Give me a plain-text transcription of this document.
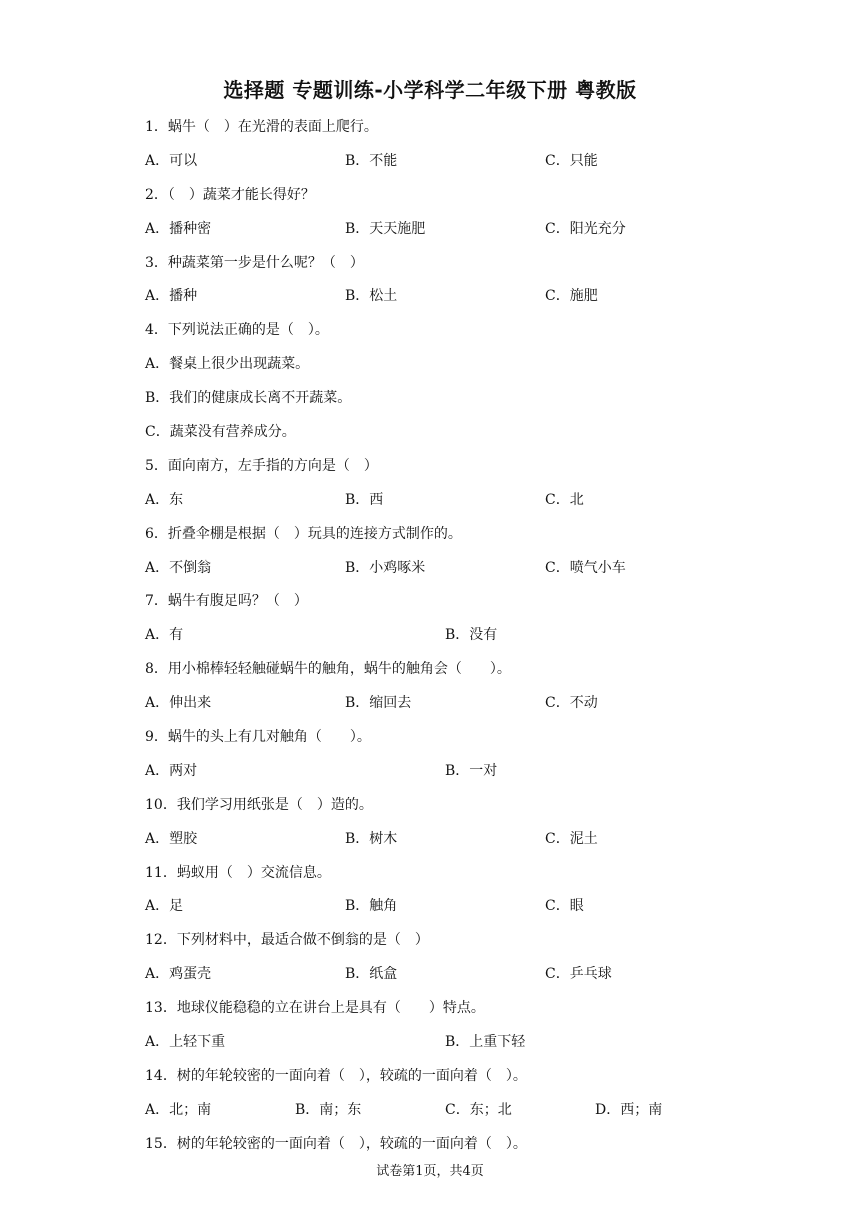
选择题 专题训练-小学科学二年级下册 粤教版
1．蜗牛（　）在光滑的表面上爬行。
A．可以	B．不能	C．只能
2．（　）蔬菜才能长得好？
A．播种密	B．天天施肥	C．阳光充分
3．种蔬菜第一步是什么呢？（　）
A．播种	B．松土	C．施肥
4．下列说法正确的是（　）。
A．餐桌上很少出现蔬菜。
B．我们的健康成长离不开蔬菜。
C．蔬菜没有营养成分。
5．面向南方，左手指的方向是（　）
A．东	B．西	C．北
6．折叠伞棚是根据（　）玩具的连接方式制作的。
A．不倒翁	B．小鸡啄米	C．喷气小车
7．蜗牛有腹足吗？（　）
A．有	B．没有
8．用小棉棒轻轻触碰蜗牛的触角，蜗牛的触角会（　　）。
A．伸出来	B．缩回去	C．不动
9．蜗牛的头上有几对触角（　　）。
A．两对	B．一对
10．我们学习用纸张是（　）造的。
A．塑胶	B．树木	C．泥土
11．蚂蚁用（　）交流信息。
A．足	B．触角	C．眼
12．下列材料中，最适合做不倒翁的是（　）
A．鸡蛋壳	B．纸盒	C．乒乓球
13．地球仪能稳稳的立在讲台上是具有（　　）特点。
A．上轻下重	B．上重下轻
14．树的年轮较密的一面向着（　），较疏的一面向着（　）。
A．北；南	B．南；东	C．东；北	D．西；南
15．树的年轮较密的一面向着（　），较疏的一面向着（　）。
试卷第1页，共4页
